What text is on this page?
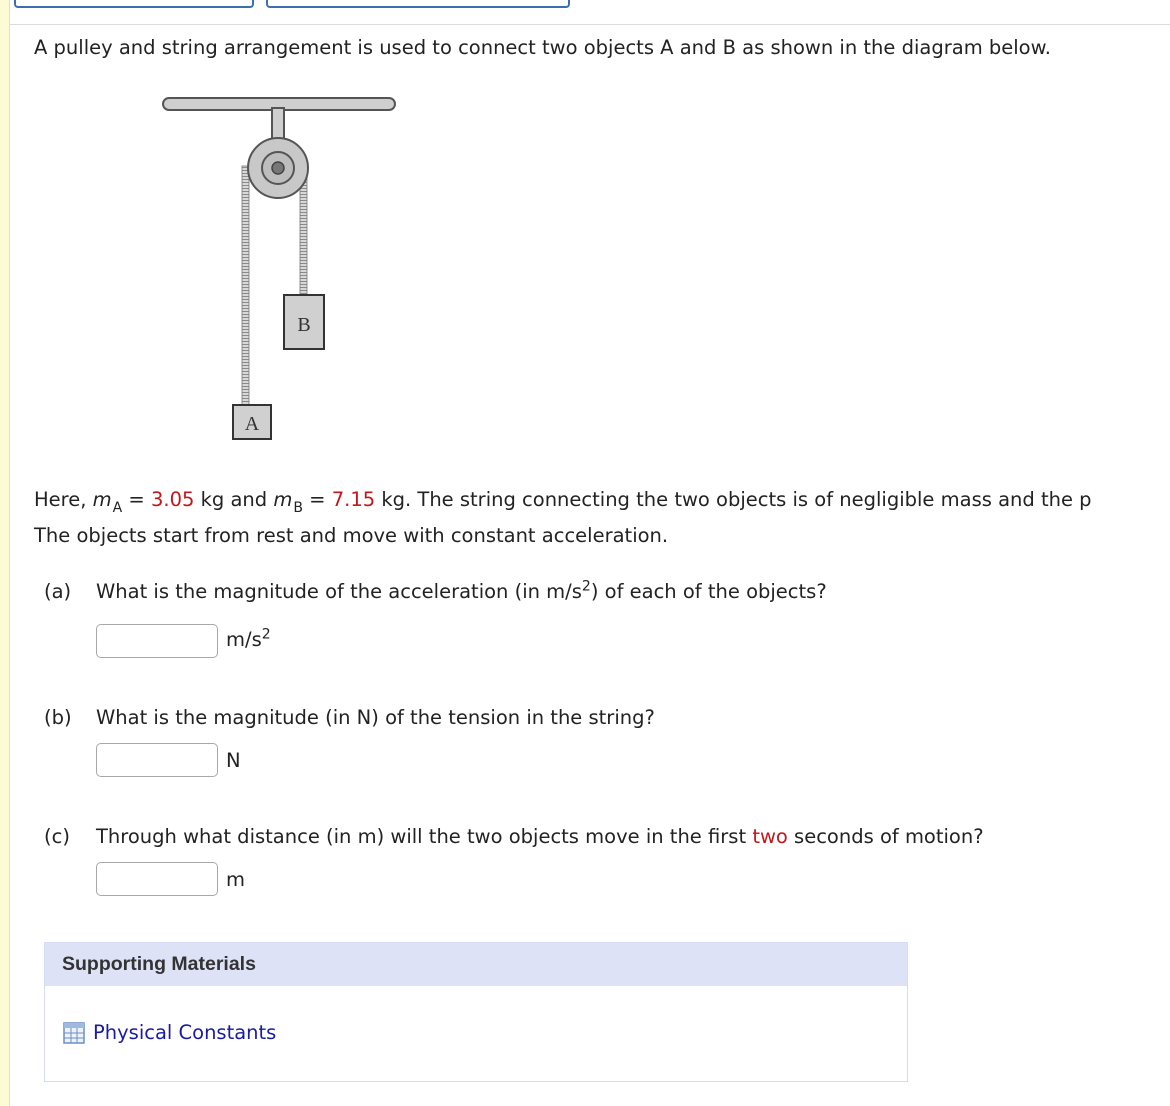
A pulley and string arrangement is used to connect two objects A and B as shown in the diagram below.
B
A
Here, $m_A = 3.05$ kg and $m_B = 7.15$ kg. The string connecting the two objects is of negligible mass and the p
The objects start from rest and move with constant acceleration.
(a) What is the magnitude of the acceleration (in $m/s^2$) of each of the objects?
$m/s^2$
(b) What is the magnitude (in N) of the tension in the string?
N
(c) Through what distance (in m) will the two objects move in the first two seconds of motion?
m
Supporting Materials
Physical Constants
